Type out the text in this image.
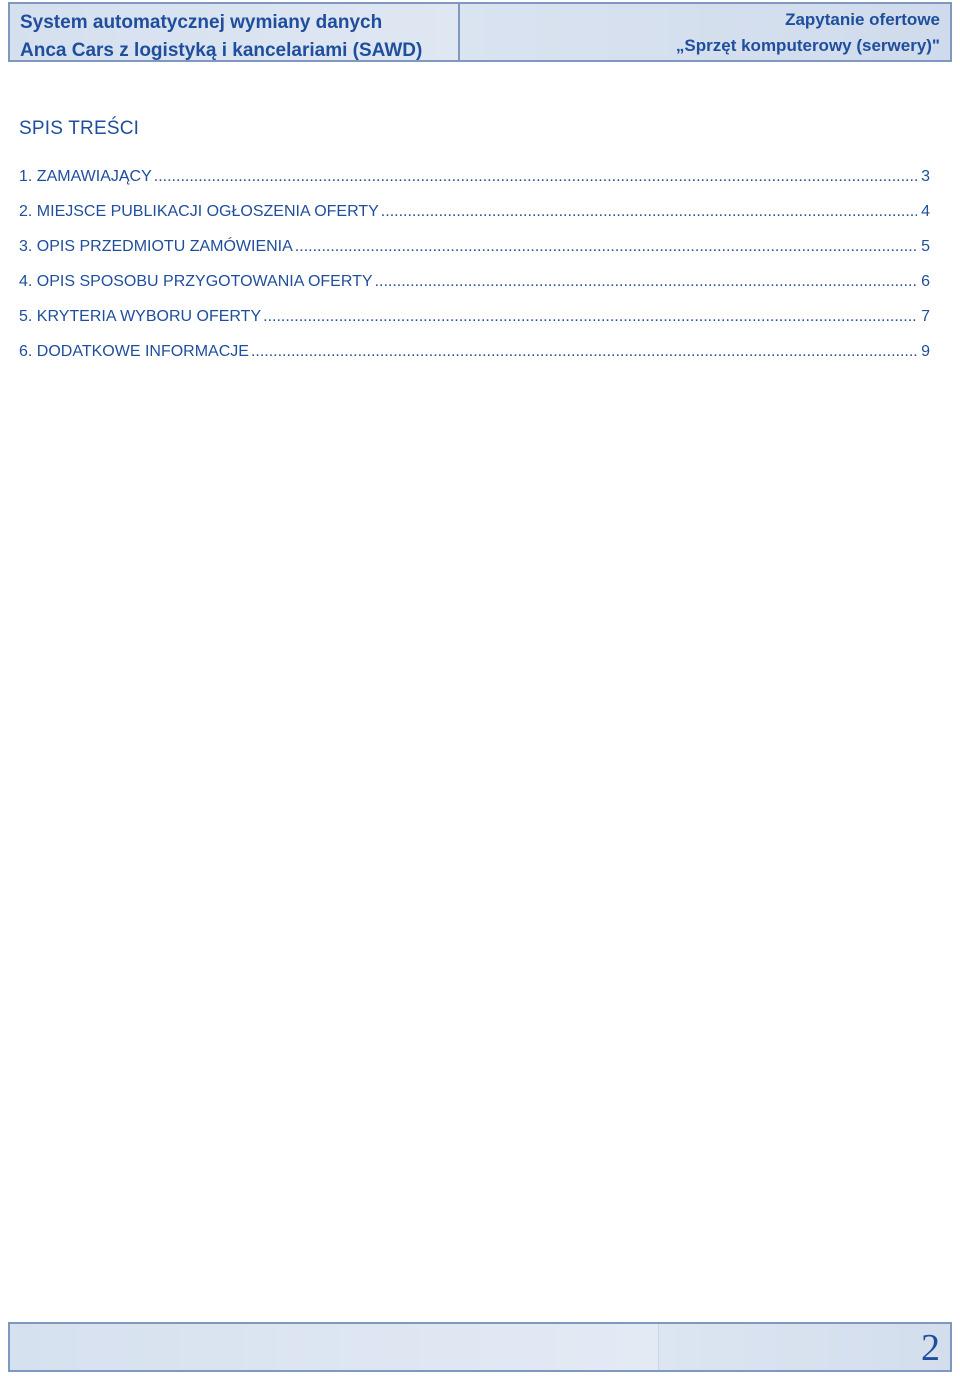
System automatycznej wymiany danych
Anca Cars z logistyką i kancelariami (SAWD)
Zapytanie ofertowe
„Sprzęt komputerowy (serwery)"
SPIS TREŚCI
1. ZAMAWIAJĄCY .....	3
2. MIEJSCE PUBLIKACJI OGŁOSZENIA OFERTY .....	4
3. OPIS PRZEDMIOTU ZAMÓWIENIA .....	5
4. OPIS SPOSOBU PRZYGOTOWANIA OFERTY .....	6
5. KRYTERIA WYBORU OFERTY .....	7
6. DODATKOWE INFORMACJE .....	9
2
